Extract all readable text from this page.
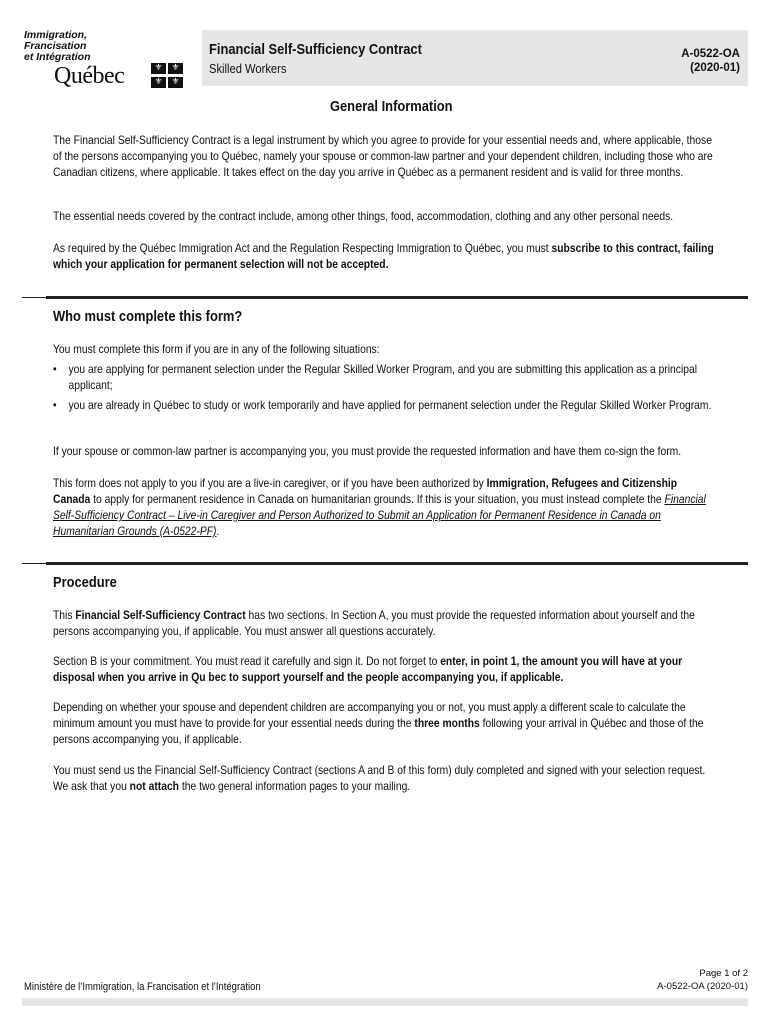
Immigration,
Francisation
et Intégration
Québec	⚜ ⚜
⚜ ⚜
Financial Self-Sufficiency Contract
Skilled Workers
A-0522-OA
(2020-01)
General Information
The Financial Self-Sufficiency Contract is a legal instrument by which you agree to provide for your essential needs and, where applicable, those of the persons accompanying you to Québec, namely your spouse or common-law partner and your dependent children, including those who are Canadian citizens, where applicable. It takes effect on the day you arrive in Québec as a permanent resident and is valid for three months.
The essential needs covered by the contract include, among other things, food, accommodation, clothing and any other personal needs.
As required by the Québec Immigration Act and the Regulation Respecting Immigration to Québec, you must subscribe to this contract, failing which your application for permanent selection will not be accepted.
Who must complete this form?
You must complete this form if you are in any of the following situations:
• you are applying for permanent selection under the Regular Skilled Worker Program, and you are submitting this application as a principal applicant;
• you are already in Québec to study or work temporarily and have applied for permanent selection under the Regular Skilled Worker Program.
If your spouse or common-law partner is accompanying you, you must provide the requested information and have them co-sign the form.
This form does not apply to you if you are a live-in caregiver, or if you have been authorized by Immigration, Refugees and Citizenship Canada to apply for permanent residence in Canada on humanitarian grounds. If this is your situation, you must instead complete the Financial Self-Sufficiency Contract – Live-in Caregiver and Person Authorized to Submit an Application for Permanent Residence in Canada on Humanitarian Grounds (A-0522-PF).
Procedure
This Financial Self-Sufficiency Contract has two sections. In Section A, you must provide the requested information about yourself and the persons accompanying you, if applicable. You must answer all questions accurately.
Section B is your commitment. You must read it carefully and sign it. Do not forget to enter, in point 1, the amount you will have at your disposal when you arrive in Qu bec to support yourself and the people accompanying you, if applicable.
Depending on whether your spouse and dependent children are accompanying you or not, you must apply a different scale to calculate the minimum amount you must have to provide for your essential needs during the three months following your arrival in Québec and those of the persons accompanying you, if applicable.
You must send us the Financial Self-Sufficiency Contract (sections A and B of this form) duly completed and signed with your selection request. We ask that you not attach the two general information pages to your mailing.
Ministère de l’Immigration, la Francisation et l’Intégration
Page 1 of 2
A-0522-OA (2020-01)
